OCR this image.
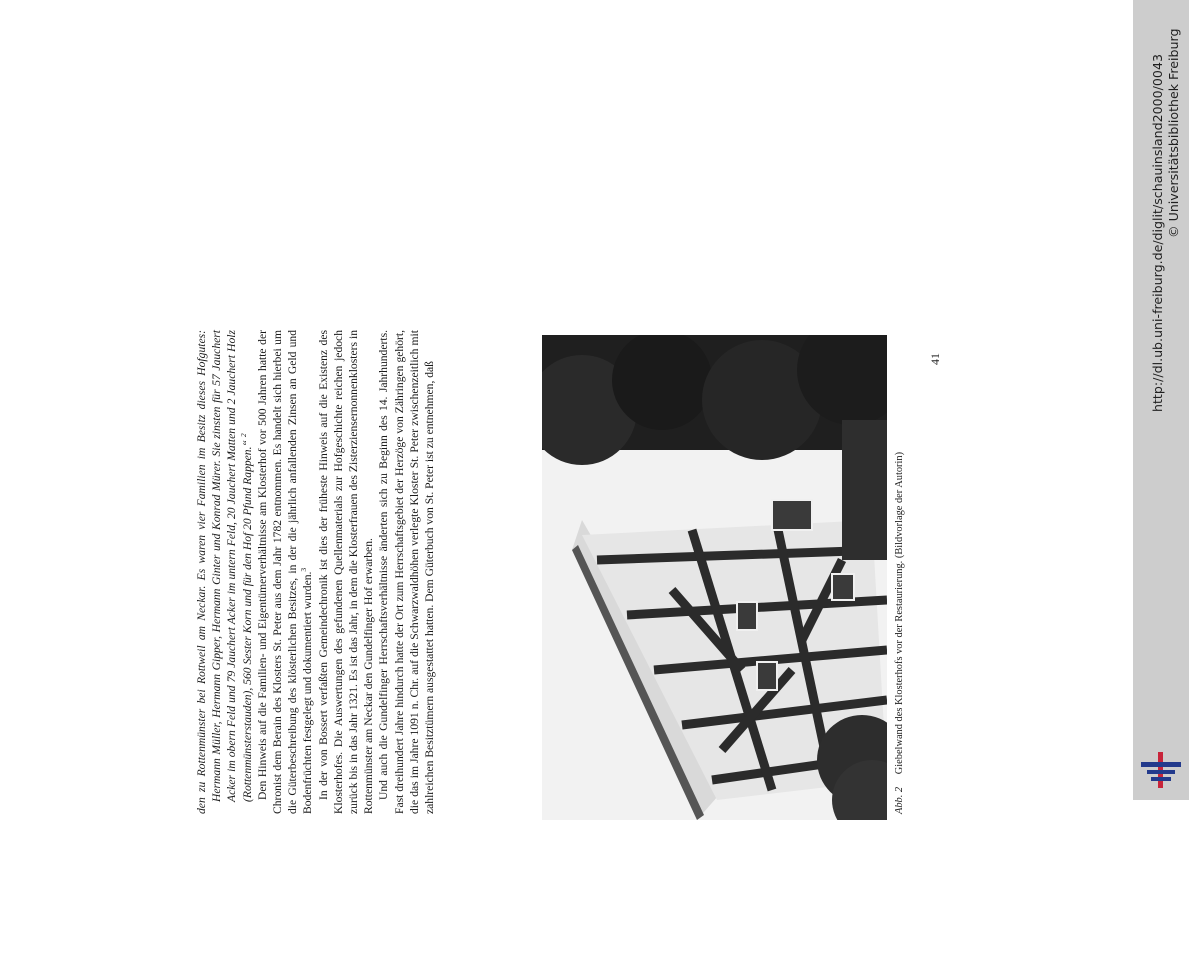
den zu Rottenmünster bei Rottweil am Neckar. Es waren vier Familien im Besitz dieses Hofgutes: Hermann Müller, Hermann Gipper, Hermann Ginter und Konrad Mürer. Sie zinsten für 57 Jauchert Acker im obern Feld und 79 Jauchert Acker im untern Feld, 20 Jauchert Matten und 2 Jauchert Holz (Rottenmünsterstauden), 560 Sester Korn und für den Hof 20 Pfund Rappen.“ $^2$ Den Hinweis auf die Familien- und Eigentümerverhältnisse am Klosterhof vor 500 Jahren hatte der Chronist dem Berain des Klosters St. Peter aus dem Jahr 1782 entnommen. Es handelt sich hierbei um die Güterbeschreibung des klösterlichen Besitzes, in der die jährlich anfallenden Zinsen an Geld und Bodenfrüchten festgelegt und dokumentiert wurden.$^3$ In der von Bossert verfaßten Gemeindechronik ist dies der früheste Hinweis auf die Existenz des Klosterhofes. Die Auswertungen des gefundenen Quellenmaterials zur Hofgeschichte reichen jedoch zurück bis in das Jahr 1321. Es ist das Jahr, in dem die Klosterfrauen des Zisterziensernonnenklosters in Rottenmünster am Neckar den Gundelfinger Hof erwarben. Und auch die Gundelfinger Herrschaftsverhältnisse änderten sich zu Beginn des 14. Jahrhunderts. Fast dreihundert Jahre hindurch hatte der Ort zum Herrschaftsgebiet der Herzöge von Zähringen gehört, die das im Jahre 1091 n. Chr. auf die Schwarzwaldhöhen verlegte Kloster St. Peter zwischenzeitlich mit zahlreichen Besitztümern ausgestattet hatten. Dem Güterbuch von St. Peter ist zu entnehmen, daß	Abb. 2 Giebelwand des Klosterhofs vor der Restaurierung. (Bildvorlage der Autorin)
41	http://dl.ub.uni-freiburg.de/diglit/schauinsland2000/0043 © Universitätsbibliothek Freiburg
